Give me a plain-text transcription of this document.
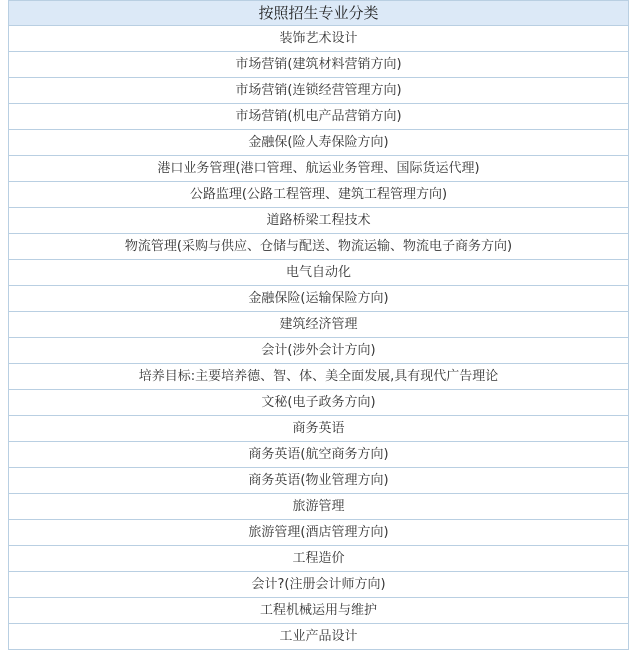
按照招生专业分类
装饰艺术设计
市场营销(建筑材料营销方向)
市场营销(连锁经营管理方向)
市场营销(机电产品营销方向)
金融保(险人寿保险方向)
港口业务管理(港口管理、航运业务管理、国际货运代理)
公路监理(公路工程管理、建筑工程管理方向)
道路桥梁工程技术
物流管理(采购与供应、仓储与配送、物流运输、物流电子商务方向)
电气自动化
金融保险(运输保险方向)
建筑经济管理
会计(涉外会计方向)
培养目标:主要培养德、智、体、美全面发展,具有现代广告理论
文秘(电子政务方向)
商务英语
商务英语(航空商务方向)
商务英语(物业管理方向)
旅游管理
旅游管理(酒店管理方向)
工程造价
会计?(注册会计师方向)
工程机械运用与维护
工业产品设计
